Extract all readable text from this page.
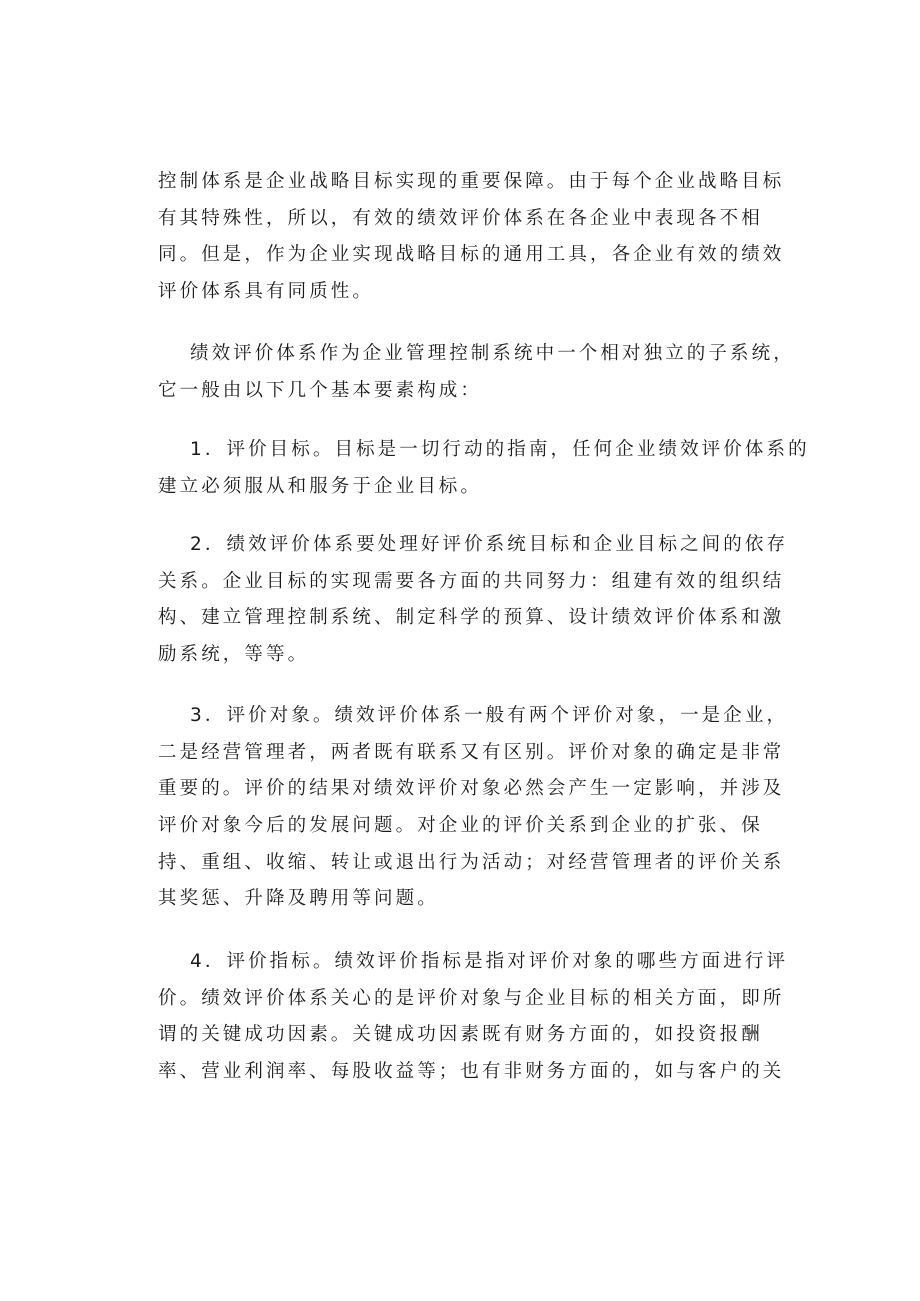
控制体系是企业战略目标实现的重要保障。由于每个企业战略目标
有其特殊性，所以，有效的绩效评价体系在各企业中表现各不相
同。但是，作为企业实现战略目标的通用工具，各企业有效的绩效
评价体系具有同质性。
绩效评价体系作为企业管理控制系统中一个相对独立的子系统，
它一般由以下几个基本要素构成：
1．评价目标。目标是一切行动的指南，任何企业绩效评价体系的
建立必须服从和服务于企业目标。
2．绩效评价体系要处理好评价系统目标和企业目标之间的依存
关系。企业目标的实现需要各方面的共同努力：组建有效的组织结
构、建立管理控制系统、制定科学的预算、设计绩效评价体系和激
励系统，等等。
3．评价对象。绩效评价体系一般有两个评价对象，一是企业，
二是经营管理者，两者既有联系又有区别。评价对象的确定是非常
重要的。评价的结果对绩效评价对象必然会产生一定影响，并涉及
评价对象今后的发展问题。对企业的评价关系到企业的扩张、保
持、重组、收缩、转让或退出行为活动；对经营管理者的评价关系
其奖惩、升降及聘用等问题。
4．评价指标。绩效评价指标是指对评价对象的哪些方面进行评
价。绩效评价体系关心的是评价对象与企业目标的相关方面，即所
谓的关键成功因素。关键成功因素既有财务方面的，如投资报酬
率、营业利润率、每股收益等；也有非财务方面的，如与客户的关
